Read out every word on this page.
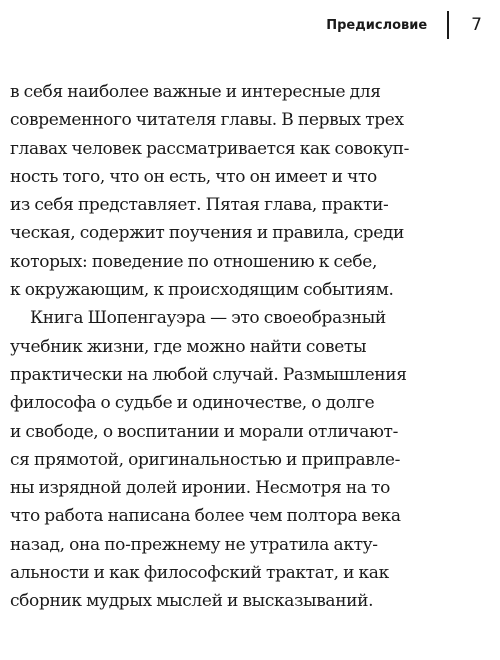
Предисловие	7
в себя наиболее важные и интересные для
современного читателя главы. В первых трех
главах человек рассматривается как совокуп-
ность того, что он есть, что он имеет и что
из себя представляет. Пятая глава, практи-
ческая, содержит поучения и правила, среди
которых: поведение по отношению к себе,
к окружающим, к происходящим событиям.
Книга Шопенгауэра — это своеобразный
учебник жизни, где можно найти советы
практически на любой случай. Размышления
философа о судьбе и одиночестве, о долге
и свободе, о воспитании и морали отличают-
ся прямотой, оригинальностью и приправле-
ны изрядной долей иронии. Несмотря на то
что работа написана более чем полтора века
назад, она по-прежнему не утратила акту-
альности и как философский трактат, и как
сборник мудрых мыслей и высказываний.
